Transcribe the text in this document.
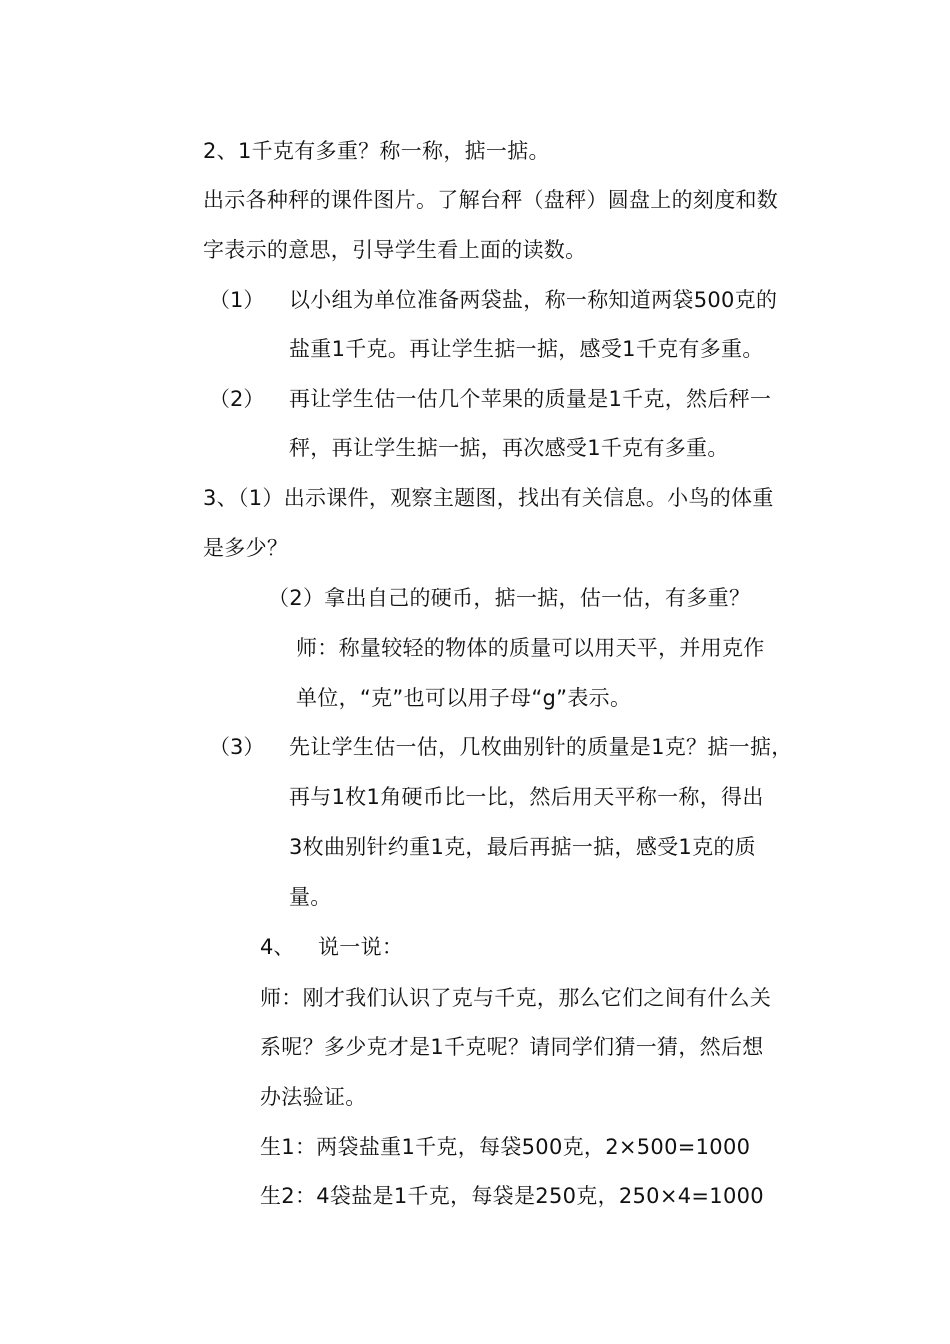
2、1千克有多重？称一称，掂一掂。
出示各种秤的课件图片。了解台秤（盘秤）圆盘上的刻度和数
字表示的意思，引导学生看上面的读数。
（1） 以小组为单位准备两袋盐，称一称知道两袋500克的
盐重1千克。再让学生掂一掂，感受1千克有多重。
（2） 再让学生估一估几个苹果的质量是1千克，然后秤一
秤，再让学生掂一掂，再次感受1千克有多重。
3、（1）出示课件，观察主题图，找出有关信息。小鸟的体重
是多少？
（2）拿出自己的硬币，掂一掂，估一估，有多重？
师：称量较轻的物体的质量可以用天平，并用克作
单位，“克”也可以用子母“g”表示。
（3） 先让学生估一估，几枚曲别针的质量是1克？掂一掂，
再与1枚1角硬币比一比，然后用天平称一称，得出
3枚曲别针约重1克，最后再掂一掂，感受1克的质
量。
4、 说一说：
师：刚才我们认识了克与千克，那么它们之间有什么关
系呢？多少克才是1千克呢？请同学们猜一猜，然后想
办法验证。
生1：两袋盐重1千克，每袋500克，2×500=1000
生2：4袋盐是1千克，每袋是250克，250×4=1000
